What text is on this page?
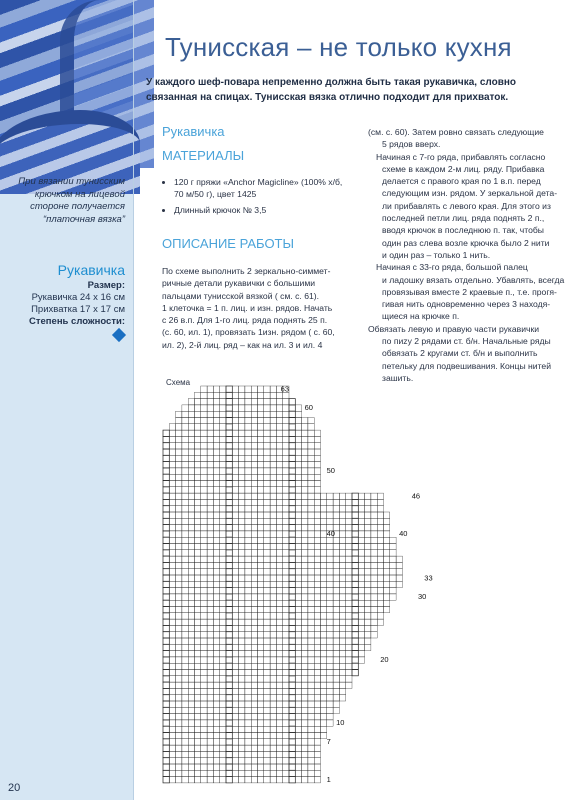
При вязании тунисским
крючком на лицевой
стороне получается
“платочная вязка”
Рукавичка
Размер:
Рукавичка 24 x 16 см
Прихватка 17 x 17 см
Степень сложности:
20
Тунисская – не только кухня
У каждого шеф-повара непременно должна быть такая рукавичка, словно связанная на спицах. Тунисская вязка отлично подходит для прихваток.
Рукавичка
МАТЕРИАЛЫ
• 120 г пряжи «Anchor Magicline» (100% х/б, 70 м/50 г), цвет 1425
• Длинный крючок № 3,5
ОПИСАНИЕ РАБОТЫ

По схеме выполнить 2 зеркально-симмет-

ричные детали рукавички с большими

пальцами тунисской вязкой ( см. с. 61).

1 клеточка = 1 п. лиц. и изн. рядов. Начать

с 26 в.п. Для 1-го лиц. ряда поднять 25 п.

(с. 60, ил. 1), провязать 1изн. рядом ( с. 60,

ил. 2), 2-й лиц. ряд – как на ил. 3 и ил. 4

(см. с. 60). Затем ровно связать следующие

5 рядов вверх.

Начиная с 7-го ряда, прибавлять согласно

схеме в каждом 2-м лиц. ряду. Прибавка

делается с правого края по 1 в.п. перед

следующим изн. рядом. У зеркальной дета-

ли прибавлять с левого края. Для этого из

последней петли лиц. ряда поднять 2 п.,

вводя крючок в последнюю п. так, чтобы

один раз слева возле крючка было 2 нити

и один раз – только 1 нить.

Начиная с 33-го ряда, большой палец

и ладошку вязать отдельно. Убавлять, всегда

провязывая вместе 2 краевые п., т.е. прогя-

гивая нить одновременно через 3 находя-

щиеся на крючке п.

Обвязать левую и правую части рукавички

по пиzу 2 рядами ст. б/н. Начальные ряды

обвязать 2 кругами ст. б/н и выполнить

петельку для подвешивания. Концы нитей

зашить.

Схема
63
60
50
46
40	40
33
30
20
10
7
1
